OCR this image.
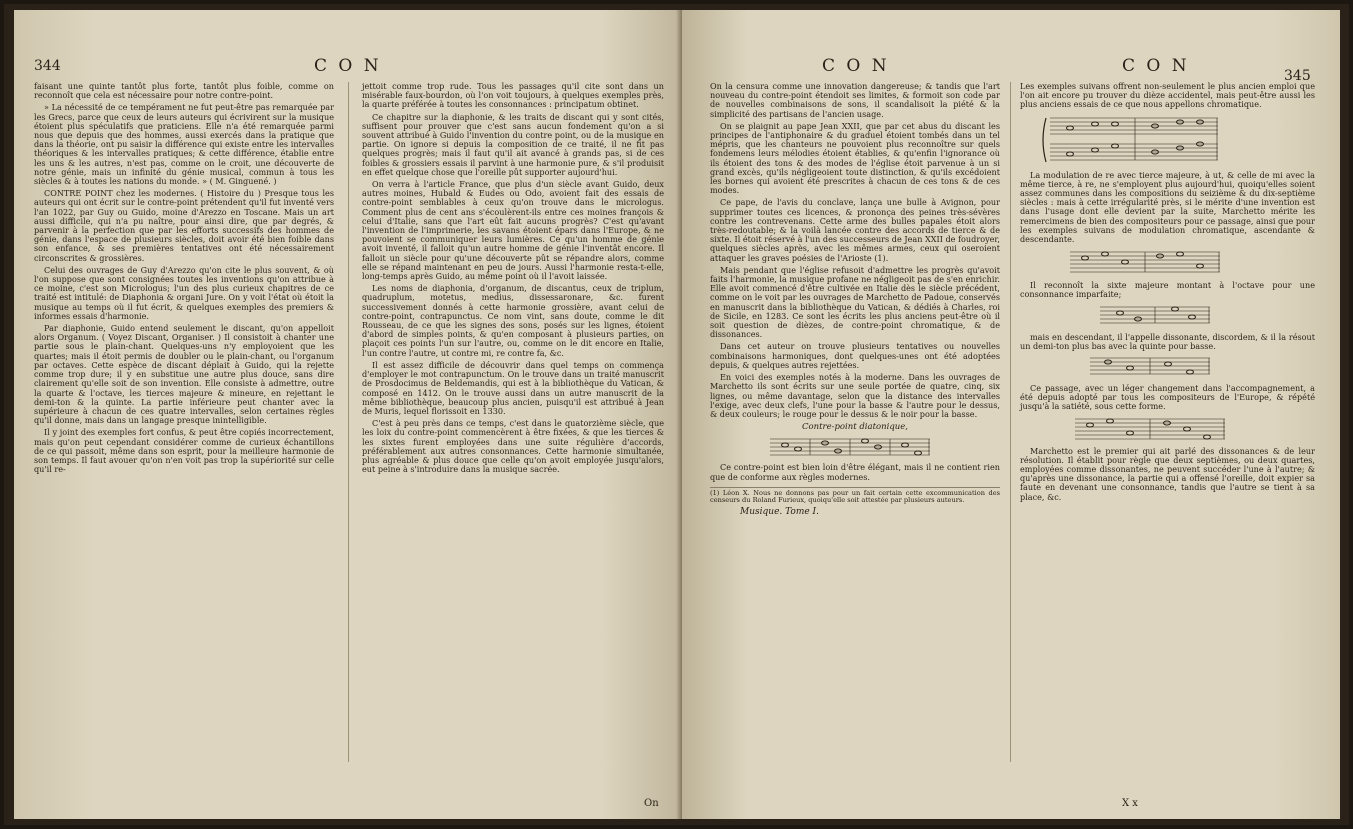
344	C O N

faisant une quinte tantôt plus forte, tantôt plus foible, comme on reconnoît que cela est nécessaire pour notre contre-point.

» La nécessité de ce tempérament ne fut peut-être pas remarquée par les Grecs, parce que ceux de leurs auteurs qui écrivirent sur la musique étoient plus spéculatifs que praticiens. Elle n'a été remarquée parmi nous que depuis que des hommes, aussi exercés dans la pratique que dans la théorie, ont pu saisir la différence qui existe entre les intervalles théoriques & les intervalles pratiques; & cette différence, établie entre les uns & les autres, n'est pas, comme on le croit, une découverte de notre génie, mais un infinité du génie musical, commun à tous les siècles & à toutes les nations du monde. » ( M. Ginguené. )

CONTRE POINT chez les modernes. ( Histoire du ) Presque tous les auteurs qui ont écrit sur le contre-point prétendent qu'il fut inventé vers l'an 1022, par Guy ou Guido, moine d'Arezzo en Toscane. Mais un art aussi difficile, qui n'a pu naître, pour ainsi dire, que par degrés, & parvenir à la perfection que par les efforts successifs des hommes de génie, dans l'espace de plusieurs siècles, doit avoir été bien foible dans son enfance, & ses premières tentatives ont été nécessairement circonscrites & grossières.

Celui des ouvrages de Guy d'Arezzo qu'on cite le plus souvent, & où l'on suppose que sont consignées toutes les inventions qu'on attribue à ce moine, c'est son Micrologus; l'un des plus curieux chapitres de ce traité est intitulé: de Diaphonia & organi Jure. On y voit l'état où étoit la musique au temps où il fut écrit, & quelques exemples des premiers & informes essais d'harmonie.

Par diaphonie, Guido entend seulement le discant, qu'on appelloit alors Organum. ( Voyez Discant, Organiser. ) Il consistoit à chanter une partie sous le plain-chant. Quelques-uns n'y employoient que les quartes; mais il étoit permis de doubler ou le plain-chant, ou l'organum par octaves. Cette espèce de discant déplait à Guido, qui la rejette comme trop dure; il y en substitue une autre plus douce, sans dire clairement qu'elle soit de son invention. Elle consiste à admettre, outre la quarte & l'octave, les tierces majeure & mineure, en rejettant le demi-ton & la quinte. La partie inférieure peut chanter avec la supérieure à chacun de ces quatre intervalles, selon certaines règles qu'il donne, mais dans un langage presque inintelligible.

Il y joint des exemples fort confus, & peut être copiés incorrectement, mais qu'on peut cependant considérer comme de curieux échantillons de ce qui passoit, même dans son esprit, pour la meilleure harmonie de son temps. Il faut avouer qu'on n'en voit pas trop la supériorité sur celle qu'il re-

jettoit comme trop rude. Tous les passages qu'il cite sont dans un misérable faux-bourdon, où l'on voit toujours, à quelques exemples près, la quarte préférée à toutes les consonnances : principatum obtinet.

Ce chapitre sur la diaphonie, & les traits de discant qui y sont cités, suffisent pour prouver que c'est sans aucun fondement qu'on a si souvent attribué à Guido l'invention du contre point, ou de la musique en partie. On ignore si depuis la composition de ce traité, il ne fit pas quelques progrès; mais il faut qu'il ait avancé à grands pas, si de ces foibles & grossiers essais il parvint à une harmonie pure, & s'il produisit en effet quelque chose que l'oreille pût supporter aujourd'hui.

On verra à l'article France, que plus d'un siècle avant Guido, deux autres moines, Hubald & Eudes ou Odo, avoient fait des essais de contre-point semblables à ceux qu'on trouve dans le micrologus. Comment plus de cent ans s'écoulèrent-ils entre ces moines françois & celui d'Italie, sans que l'art eût fait aucuns progrès? C'est qu'avant l'invention de l'imprimerie, les savans étoient épars dans l'Europe, & ne pouvoient se communiquer leurs lumières. Ce qu'un homme de génie avoit inventé, il falloit qu'un autre homme de génie l'inventât encore. Il falloit un siècle pour qu'une découverte pût se répandre alors, comme elle se répand maintenant en peu de jours. Aussi l'harmonie resta-t-elle, long-temps après Guido, au même point où il l'avoit laissée.

Les noms de diaphonia, d'organum, de discantus, ceux de triplum, quadruplum, motetus, medius, dissessaronare, &c. furent successivement donnés à cette harmonie grossière, avant celui de contre-point, contrapunctus. Ce nom vint, sans doute, comme le dit Rousseau, de ce que les signes des sons, posés sur les lignes, étoient d'abord de simples points, & qu'en composant à plusieurs parties, on plaçoit ces points l'un sur l'autre, ou, comme on le dit encore en Italie, l'un contre l'autre, ut contre mi, re contre fa, &c.

Il est assez difficile de découvrir dans quel temps on commença d'employer le mot contrapunctum. On le trouve dans un traité manuscrit de Prosdocimus de Beldemandis, qui est à la bibliothèque du Vatican, & composé en 1412. On le trouve aussi dans un autre manuscrit de la même bibliothèque, beaucoup plus ancien, puisqu'il est attribué à Jean de Muris, lequel florissoit en 1330.

C'est à peu près dans ce temps, c'est dans le quatorzième siècle, que les loix du contre-point commencèrent à être fixées, & que les tierces & les sixtes furent employées dans une suite régulière d'accords, préférablement aux autres consonnances. Cette harmonie simultanée, plus agréable & plus douce que celle qu'on avoit employée jusqu'alors, eut peine à s'introduire dans la musique sacrée.

On
C O N	C O N	345

On la censura comme une innovation dangereuse; & tandis que l'art nouveau du contre-point étendoit ses limites, & formoit son code par de nouvelles combinaisons de sons, il scandalisoit la piété & la simplicité des partisans de l'ancien usage.

On se plaignit au pape Jean XXII, que par cet abus du discant les principes de l'antiphonaire & du graduel étoient tombés dans un tel mépris, que les chanteurs ne pouvoient plus reconnoître sur quels fondemens leurs mélodies étoient établies, & qu'enfin l'ignorance où ils étoient des tons & des modes de l'église étoit parvenue à un si grand excès, qu'ils négligeoient toute distinction, & qu'ils excédoient les bornes qui avoient été prescrites à chacun de ces tons & de ces modes.

Ce pape, de l'avis du conclave, lança une bulle à Avignon, pour supprimer toutes ces licences, & prononça des peines très-sévères contre les contrevenans. Cette arme des bulles papales étoit alors très-redoutable; & la voilà lancée contre des accords de tierce & de sixte. Il étoit réservé à l'un des successeurs de Jean XXII de foudroyer, quelques siècles après, avec les mêmes armes, ceux qui oseroient attaquer les graves poésies de l'Arioste (1).

Mais pendant que l'église refusoit d'admettre les progrès qu'avoit faits l'harmonie, la musique profane ne négligeoit pas de s'en enrichir. Elle avoit commencé d'être cultivée en Italie dès le siècle précédent, comme on le voit par les ouvrages de Marchetto de Padoue, conservés en manuscrit dans la bibliothèque du Vatican, & dédiés à Charles, roi de Sicile, en 1283. Ce sont les écrits les plus anciens peut-être où il soit question de dièzes, de contre-point chromatique, & de dissonances.

Dans cet auteur on trouve plusieurs tentatives ou nouvelles combinaisons harmoniques, dont quelques-unes ont été adoptées depuis, & quelques autres rejettées.

En voici des exemples notés à la moderne. Dans les ouvrages de Marchetto ils sont écrits sur une seule portée de quatre, cinq, six lignes, ou même davantage, selon que la distance des intervalles l'exige, avec deux clefs, l'une pour la basse & l'autre pour le dessus, & deux couleurs; le rouge pour le dessus & le noir pour la basse.

Contre-point diatonique,

Ce contre-point est bien loin d'être élégant, mais il ne contient rien que de conforme aux règles modernes.

(1) Léon X. Nous ne donnons pas pour un fait certain cette excommunication des censeurs du Roland Furieux, quoiqu'elle soit attestée par plusieurs auteurs.
Musique. Tome I.

Les exemples suivans offrent non-seulement le plus ancien emploi que l'on ait encore pu trouver du dièze accidentel, mais peut-être aussi les plus anciens essais de ce que nous appellons chromatique.

La modulation de re avec tierce majeure, à ut, & celle de mi avec la même tierce, à re, ne s'employent plus aujourd'hui, quoiqu'elles soient assez communes dans les compositions du seizième & du dix-septième siècles : mais à cette irrégularité près, si le mérite d'une invention est dans l'usage dont elle devient par la suite, Marchetto mérite les remercimens de bien des compositeurs pour ce passage, ainsi que pour les exemples suivans de modulation chromatique, ascendante & descendante.

Il reconnoît la sixte majeure montant à l'octave pour une consonnance imparfaite;

mais en descendant, il l'appelle dissonante, discordem, & il la résout un demi-ton plus bas avec la quinte pour basse.

Ce passage, avec un léger changement dans l'accompagnement, a été depuis adopté par tous les compositeurs de l'Europe, & répété jusqu'à la satiété, sous cette forme.

Marchetto est le premier qui ait parlé des dissonances & de leur résolution. Il établit pour règle que deux septièmes, ou deux quartes, employées comme dissonantes, ne peuvent succéder l'une à l'autre; & qu'après une dissonance, la partie qui a offensé l'oreille, doit expier sa faute en devenant une consonnance, tandis que l'autre se tient à sa place, &c.

X x
